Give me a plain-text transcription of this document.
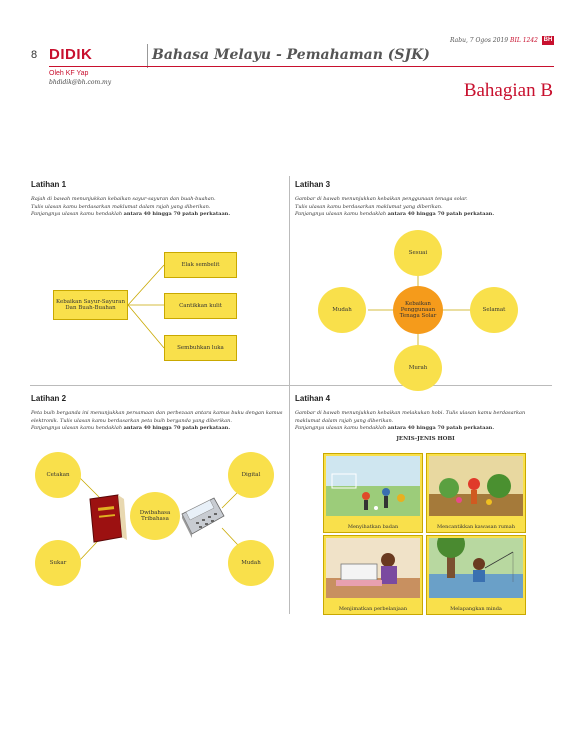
8 DIDIK	Bahasa Melayu - Pemahaman (SJK)
Rabu, 7 Ogos 2019 BIL 1242 BH
Oleh KF Yap
bhdidik@bh.com.my	Bahagian B
Latihan 1
Rajah di bawah menunjukkan kebaikan sayur-sayuran dan buah-buahan.
Tulis ulasan kamu berdasarkan maklumat dalam rajah yang diberikan.
Panjangnya ulasan kamu hendaklah antara 40 hingga 70 patah perkataan.
Kebaikan Sayur-Sayuran Dan Buah-Buahan
Elak sembelit
Cantikkan kulit
Sembuhkan luka
Latihan 3
Gambar di bawah menunjukkan kebaikan penggunaan tenaga solar.
Tulis ulasan kamu berdasarkan maklumat yang diberikan.
Panjangnya ulasan kamu hendaklah antara 40 hingga 70 patah perkataan.
Sesuai
Mudah	Selamat
Murah
Kebaikan Penggunaan Tenaga Solar
Latihan 2
Peta buih berganda ini menunjukkan persamaan dan perbezaan antara kamus buku dengan kamus elektronik. Tulis ulasan kamu berdasarkan peta buih berganda yang diberikan.
Panjangnya ulasan kamu hendaklah antara 40 hingga 70 patah perkataan.
Cetakan
Sukar
Digital
Mudah
Dwibahasa Tribahasa
Latihan 4
Gambar di bawah menunjukkan kebaikan melakukan hobi. Tulis ulasan kamu berdasarkan maklumat dalam rajah yang diberikan.
Panjangnya ulasan kamu hendaklah antara 40 hingga 70 patah perkataan.
JENIS-JENIS HOBI
Menyihatkan badan	Mencantikkan kawasan rumah
Menjimatkan perbelanjaan	Melapangkan minda
